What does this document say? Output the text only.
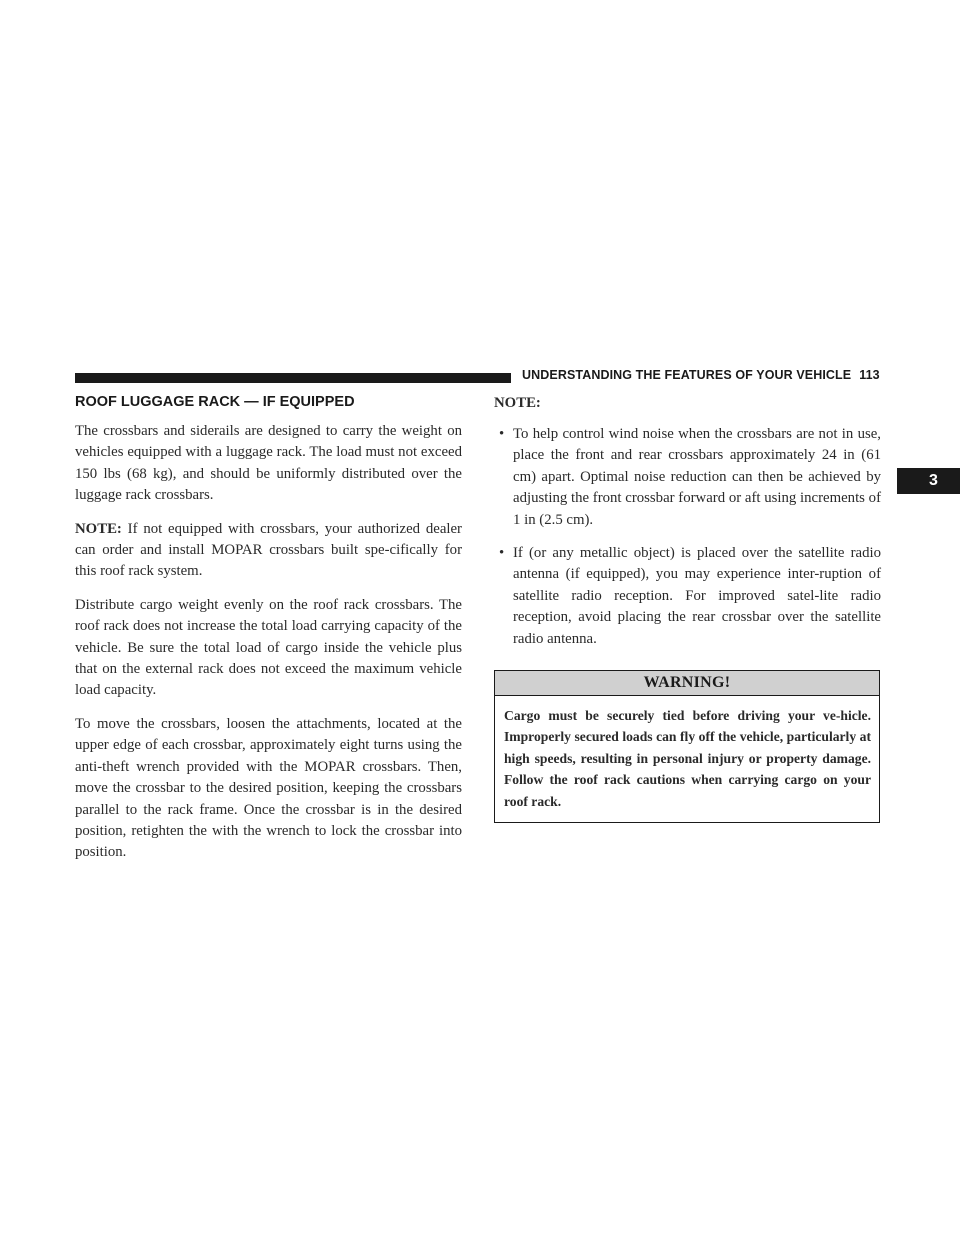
UNDERSTANDING THE FEATURES OF YOUR VEHICLE 113
3
ROOF LUGGAGE RACK — IF EQUIPPED

The crossbars and siderails are designed to carry the weight on vehicles equipped with a luggage rack. The load must not exceed 150 lbs (68 kg), and should be uniformly distributed over the luggage rack crossbars.

NOTE: If not equipped with crossbars, your authorized dealer can order and install MOPAR crossbars built spe-cifically for this roof rack system.

Distribute cargo weight evenly on the roof rack crossbars. The roof rack does not increase the total load carrying capacity of the vehicle. Be sure the total load of cargo inside the vehicle plus that on the external rack does not exceed the maximum vehicle load capacity.

To move the crossbars, loosen the attachments, located at the upper edge of each crossbar, approximately eight turns using the anti-theft wrench provided with the MOPAR crossbars. Then, move the crossbar to the desired position, keeping the crossbars parallel to the rack frame. Once the crossbar is in the desired position, retighten the with the wrench to lock the crossbar into position.

NOTE:
• To help control wind noise when the crossbars are not in use, place the front and rear crossbars approximately 24 in (61 cm) apart. Optimal noise reduction can then be achieved by adjusting the front crossbar forward or aft using increments of 1 in (2.5 cm).
• If (or any metallic object) is placed over the satellite radio antenna (if equipped), you may experience inter-ruption of satellite radio reception. For improved satel-lite radio reception, avoid placing the rear crossbar over the satellite radio antenna.
WARNING!
Cargo must be securely tied before driving your ve-hicle. Improperly secured loads can fly off the vehicle, particularly at high speeds, resulting in personal injury or property damage. Follow the roof rack cautions when carrying cargo on your roof rack.
